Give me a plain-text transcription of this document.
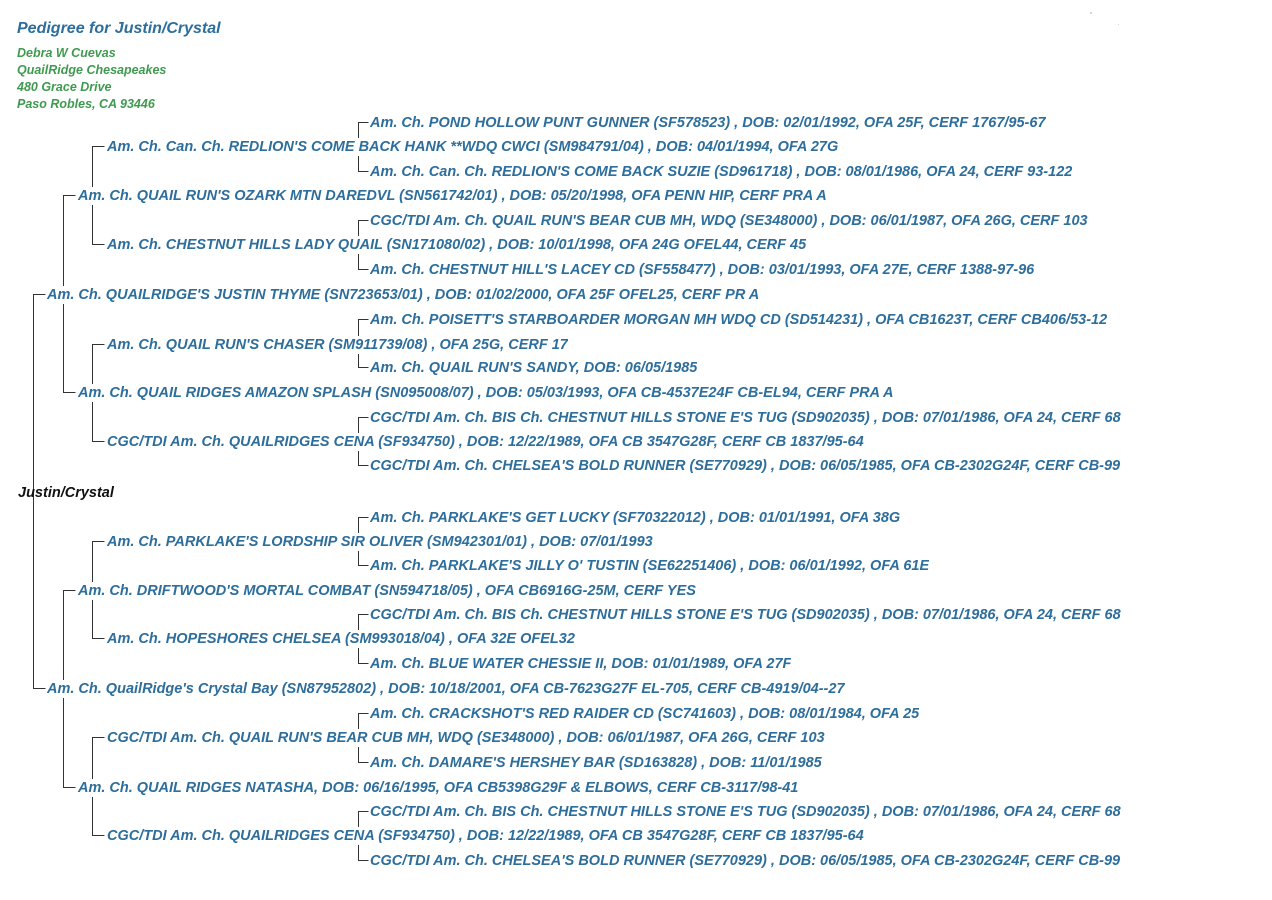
Pedigree for Justin/Crystal
Debra W Cuevas
QuailRidge Chesapeakes
480 Grace Drive
Paso Robles, CA 93446
Am. Ch. POND HOLLOW PUNT GUNNER (SF578523) , DOB: 02/01/1992, OFA 25F, CERF 1767/95-67
Am. Ch. Can. Ch. REDLION'S COME BACK HANK **WDQ CWCI (SM984791/04) , DOB: 04/01/1994, OFA 27G
Am. Ch. Can. Ch. REDLION'S COME BACK SUZIE (SD961718) , DOB: 08/01/1986, OFA 24, CERF 93-122
Am. Ch. QUAIL RUN'S OZARK MTN DAREDVL (SN561742/01) , DOB: 05/20/1998, OFA PENN HIP, CERF PRA A
CGC/TDI Am. Ch. QUAIL RUN'S BEAR CUB MH, WDQ (SE348000) , DOB: 06/01/1987, OFA 26G, CERF 103
Am. Ch. CHESTNUT HILLS LADY QUAIL (SN171080/02) , DOB: 10/01/1998, OFA 24G OFEL44, CERF 45
Am. Ch. CHESTNUT HILL'S LACEY CD (SF558477) , DOB: 03/01/1993, OFA 27E, CERF 1388-97-96
Am. Ch. QUAILRIDGE'S JUSTIN THYME (SN723653/01) , DOB: 01/02/2000, OFA 25F OFEL25, CERF PR A
Am. Ch. POISETT'S STARBOARDER MORGAN MH WDQ CD (SD514231) , OFA CB1623T, CERF CB406/53-12
Am. Ch. QUAIL RUN'S CHASER (SM911739/08) , OFA 25G, CERF 17
Am. Ch. QUAIL RUN'S SANDY, DOB: 06/05/1985
Am. Ch. QUAIL RIDGES AMAZON SPLASH (SN095008/07) , DOB: 05/03/1993, OFA CB-4537E24F CB-EL94, CERF PRA A
CGC/TDI Am. Ch. BIS Ch. CHESTNUT HILLS STONE E'S TUG (SD902035) , DOB: 07/01/1986, OFA 24, CERF 68
CGC/TDI Am. Ch. QUAILRIDGES CENA (SF934750) , DOB: 12/22/1989, OFA CB 3547G28F, CERF CB 1837/95-64
CGC/TDI Am. Ch. CHELSEA'S BOLD RUNNER (SE770929) , DOB: 06/05/1985, OFA CB-2302G24F, CERF CB-99
Justin/Crystal
Am. Ch. PARKLAKE'S GET LUCKY (SF70322012) , DOB: 01/01/1991, OFA 38G
Am. Ch. PARKLAKE'S LORDSHIP SIR OLIVER (SM942301/01) , DOB: 07/01/1993
Am. Ch. PARKLAKE'S JILLY O' TUSTIN (SE62251406) , DOB: 06/01/1992, OFA 61E
Am. Ch. DRIFTWOOD'S MORTAL COMBAT (SN594718/05) , OFA CB6916G-25M, CERF YES
CGC/TDI Am. Ch. BIS Ch. CHESTNUT HILLS STONE E'S TUG (SD902035) , DOB: 07/01/1986, OFA 24, CERF 68
Am. Ch. HOPESHORES CHELSEA (SM993018/04) , OFA 32E OFEL32
Am. Ch. BLUE WATER CHESSIE II, DOB: 01/01/1989, OFA 27F
Am. Ch. QuailRidge's Crystal Bay (SN87952802) , DOB: 10/18/2001, OFA CB-7623G27F EL-705, CERF CB-4919/04--27
Am. Ch. CRACKSHOT'S RED RAIDER CD (SC741603) , DOB: 08/01/1984, OFA 25
CGC/TDI Am. Ch. QUAIL RUN'S BEAR CUB MH, WDQ (SE348000) , DOB: 06/01/1987, OFA 26G, CERF 103
Am. Ch. DAMARE'S HERSHEY BAR (SD163828) , DOB: 11/01/1985
Am. Ch. QUAIL RIDGES NATASHA, DOB: 06/16/1995, OFA CB5398G29F & ELBOWS, CERF CB-3117/98-41
CGC/TDI Am. Ch. BIS Ch. CHESTNUT HILLS STONE E'S TUG (SD902035) , DOB: 07/01/1986, OFA 24, CERF 68
CGC/TDI Am. Ch. QUAILRIDGES CENA (SF934750) , DOB: 12/22/1989, OFA CB 3547G28F, CERF CB 1837/95-64
CGC/TDI Am. Ch. CHELSEA'S BOLD RUNNER (SE770929) , DOB: 06/05/1985, OFA CB-2302G24F, CERF CB-99
